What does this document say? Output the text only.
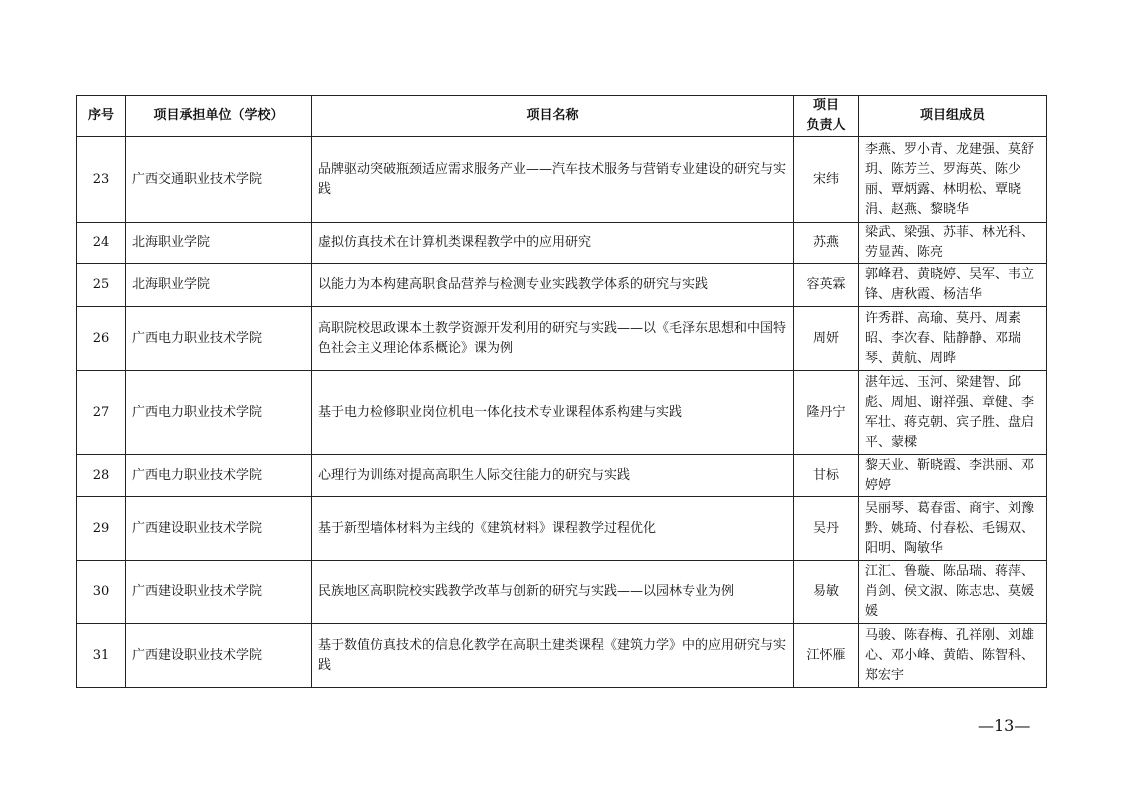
序号	项目承担单位（学校）	项目名称	项目
负责人	项目组成员
23	广西交通职业技术学院	品牌驱动突破瓶颈适应需求服务产业——汽车技术服务与营销专业建设的研究与实践	宋纬	李燕、罗小青、龙建强、莫舒玥、陈芳兰、罗海英、陈少丽、覃炳露、林明松、覃晓涓、赵燕、黎晓华
24	北海职业学院	虚拟仿真技术在计算机类课程教学中的应用研究	苏燕	梁武、梁强、苏菲、林光科、劳显茜、陈亮
25	北海职业学院	以能力为本构建高职食品营养与检测专业实践教学体系的研究与实践	容英霖	郭峰君、黄晓婷、吴军、韦立锋、唐秋霞、杨洁华
26	广西电力职业技术学院	高职院校思政课本土教学资源开发利用的研究与实践——以《毛泽东思想和中国特色社会主义理论体系概论》课为例	周妍	许秀群、高瑜、莫丹、周素昭、李次春、陆静静、邓瑞琴、黄航、周晔
27	广西电力职业技术学院	基于电力检修职业岗位机电一体化技术专业课程体系构建与实践	隆丹宁	湛年远、玉河、梁建智、邱彪、周旭、谢祥强、章健、李军壮、蒋克朝、宾子胜、盘启平、蒙樑
28	广西电力职业技术学院	心理行为训练对提高高职生人际交往能力的研究与实践	甘标	黎天业、靳晓霞、李洪丽、邓婷婷
29	广西建设职业技术学院	基于新型墙体材料为主线的《建筑材料》课程教学过程优化	吴丹	吴丽琴、葛春雷、商宇、刘豫黔、姚琦、付春松、毛锡双、阳明、陶敏华
30	广西建设职业技术学院	民族地区高职院校实践教学改革与创新的研究与实践——以园林专业为例	易敏	江汇、鲁璇、陈品瑞、蒋萍、肖剑、侯文淑、陈志忠、莫媛媛
31	广西建设职业技术学院	基于数值仿真技术的信息化教学在高职土建类课程《建筑力学》中的应用研究与实践	江怀雁	马骏、陈春梅、孔祥刚、刘雄心、邓小峰、黄皓、陈智科、郑宏宇
—13—
